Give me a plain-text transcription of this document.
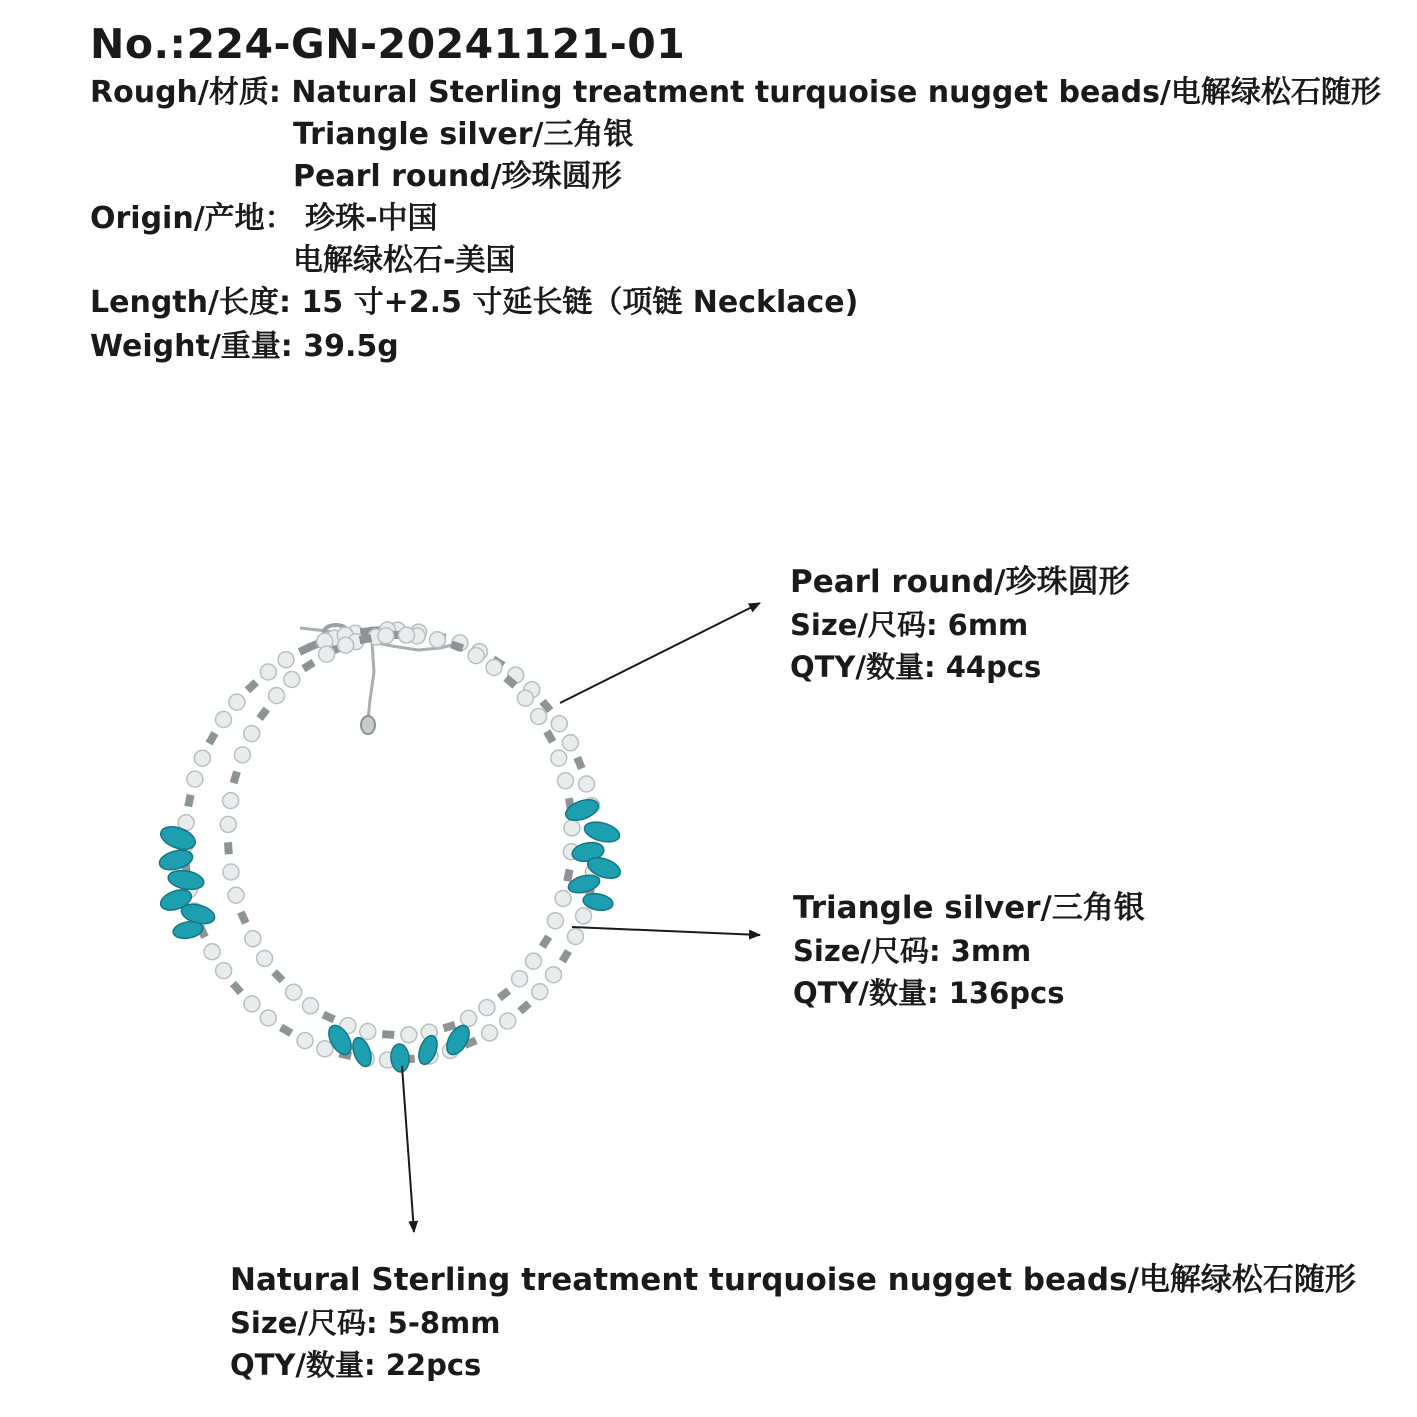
No.:224-GN-20241121-01
Rough/材质: Natural Sterling treatment turquoise nugget beads/电解绿松石随形
Triangle silver/三角银
Pearl round/珍珠圆形
Origin/产地： 珍珠-中国
电解绿松石-美国
Length/长度: 15 寸+2.5 寸延长链（项链 Necklace)
Weight/重量: 39.5g
Pearl round/珍珠圆形
Size/尺码: 6mm
QTY/数量: 44pcs
Triangle silver/三角银
Size/尺码: 3mm
QTY/数量: 136pcs
Natural Sterling treatment turquoise nugget beads/电解绿松石随形
Size/尺码: 5-8mm
QTY/数量: 22pcs
